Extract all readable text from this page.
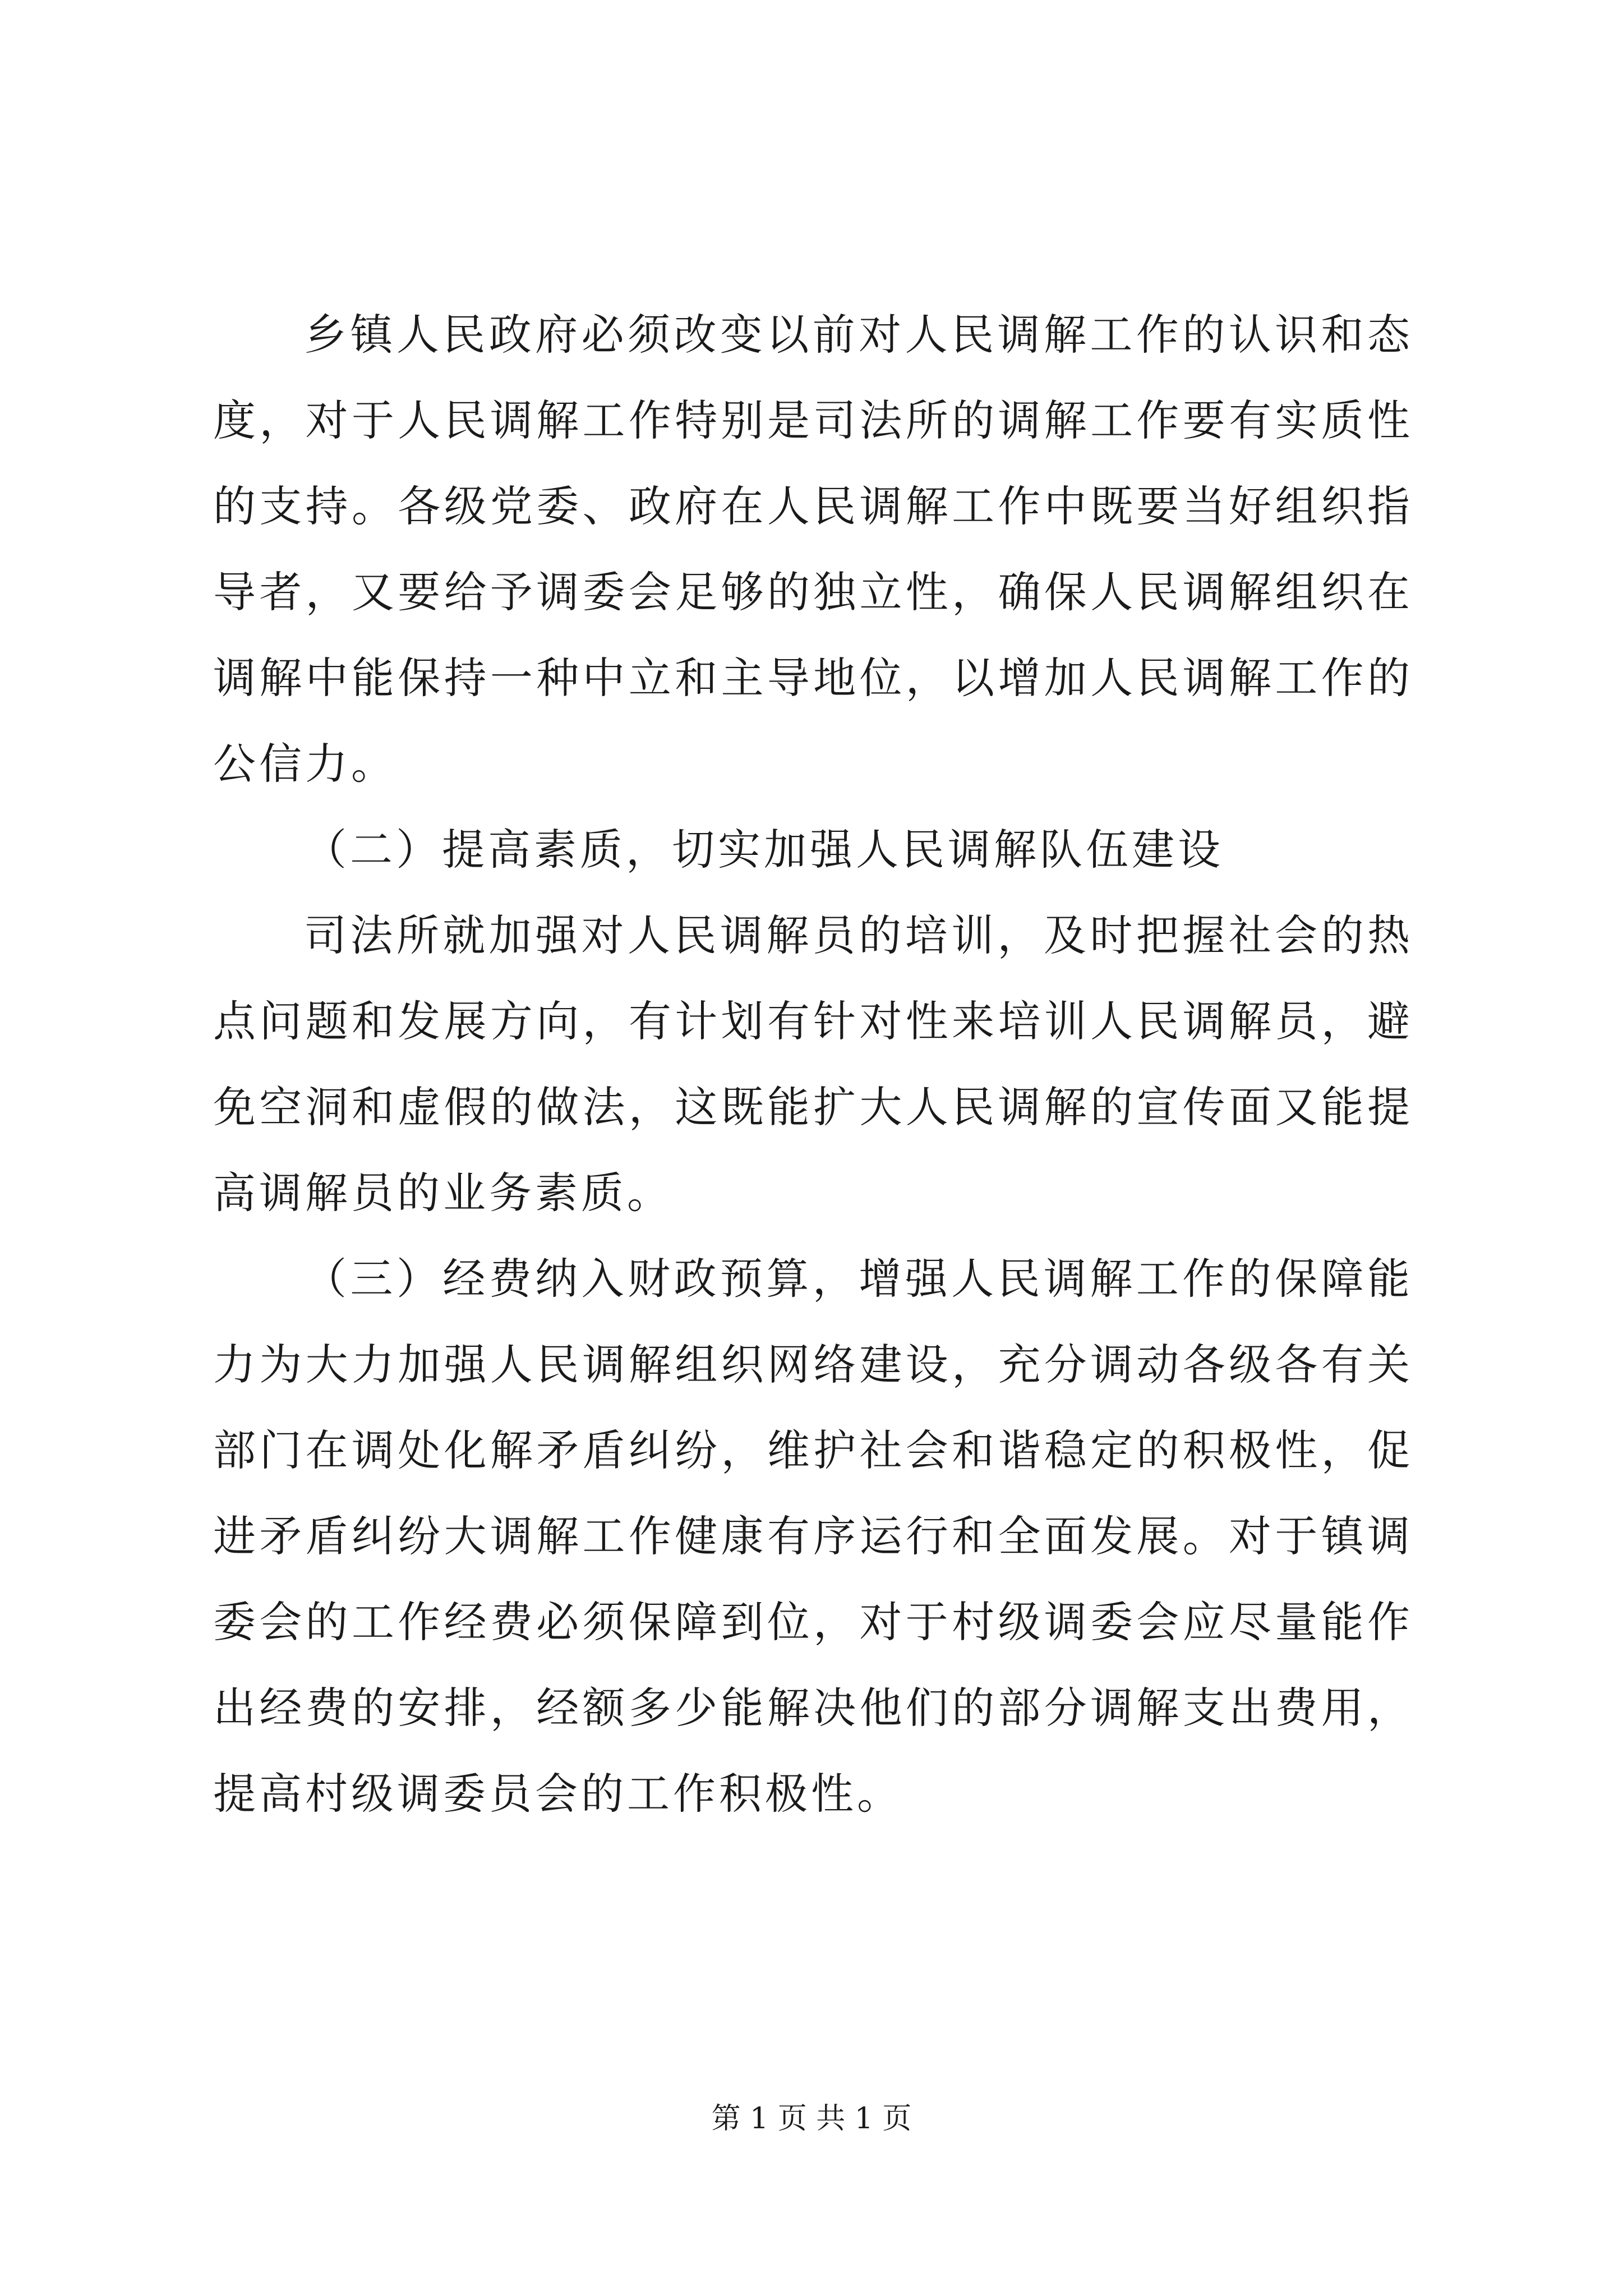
乡镇人民政府必须改变以前对人民调解工作的认识和态度，对于人民调解工作特别是司法所的调解工作要有实质性的支持。各级党委、政府在人民调解工作中既要当好组织指导者，又要给予调委会足够的独立性，确保人民调解组织在调解中能保持一种中立和主导地位，以增加人民调解工作的公信力。

（二）提高素质，切实加强人民调解队伍建设

司法所就加强对人民调解员的培训，及时把握社会的热点问题和发展方向，有计划有针对性来培训人民调解员，避免空洞和虚假的做法，这既能扩大人民调解的宣传面又能提高调解员的业务素质。

（三）经费纳入财政预算，增强人民调解工作的保障能力为大力加强人民调解组织网络建设，充分调动各级各有关部门在调处化解矛盾纠纷，维护社会和谐稳定的积极性，促进矛盾纠纷大调解工作健康有序运行和全面发展。对于镇调委会的工作经费必须保障到位，对于村级调委会应尽量能作出经费的安排，经额多少能解决他们的部分调解支出费用，提高村级调委员会的工作积极性。

第 1 页 共 1 页
